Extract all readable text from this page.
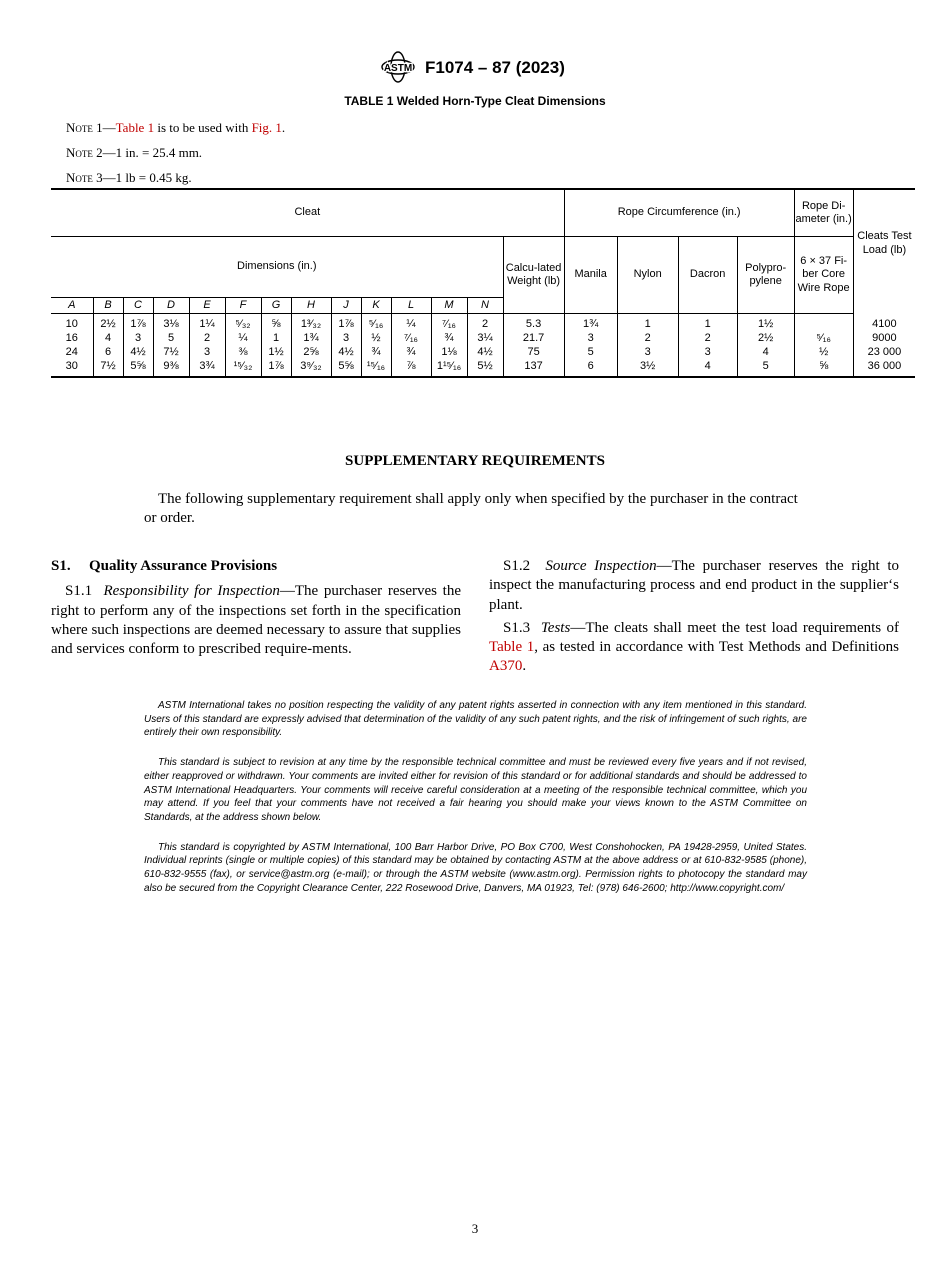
ASTM F1074 – 87 (2023)
TABLE 1 Welded Horn-Type Cleat Dimensions
Note 1—Table 1 is to be used with Fig. 1.
Note 2—1 in. = 25.4 mm.
Note 3—1 lb = 0.45 kg.
Cleat														Rope Circumference (in.)				Rope Di-ameter (in.)	Cleats Test Load (lb)
Dimensions (in.)													Calcu-lated Weight (lb)	Manila	Nylon	Dacron	Polypro-pylene	6 × 37 Fi-ber Core Wire Rope	
A	B	C	D	E	F	G	H	J	K	L	M	N							
10	2½	1⅞	3⅛	1¼	⁵⁄₃₂	⅝	1³⁄₃₂	1⅞	⁵⁄₁₆	¼	⁷⁄₁₆	2	5.3	1¾	1	1	1½		4100
16	4	3	5	2	¼	1	1¾	3	½	⁷⁄₁₆	¾	3¼	21.7	3	2	2	2½	⁵⁄₁₆	9000
24	6	4½	7½	3	⅜	1½	2⅝	4½	¾	¾	1⅛	4½	75	5	3	3	4	½	23 000
30	7½	5⅝	9⅜	3¾	¹⁵⁄₃₂	1⅞	3⁹⁄₃₂	5⅝	¹⁵⁄₁₆	⅞	1¹⁵⁄₁₆	5½	137	6	3½	4	5	⅝	36 000
SUPPLEMENTARY REQUIREMENTS
The following supplementary requirement shall apply only when specified by the purchaser in the contract or order.

S1. Quality Assurance Provisions

S1.1 Responsibility for Inspection—The purchaser reserves the right to perform any of the inspections set forth in the specification where such inspections are deemed necessary to assure that supplies and services conform to prescribed require-ments.

S1.2 Source Inspection—The purchaser reserves the right to inspect the manufacturing process and end product in the supplier‘s plant.

S1.3 Tests—The cleats shall meet the test load requirements of Table 1, as tested in accordance with Test Methods and Definitions A370.

ASTM International takes no position respecting the validity of any patent rights asserted in connection with any item mentioned in this standard. Users of this standard are expressly advised that determination of the validity of any such patent rights, and the risk of infringement of such rights, are entirely their own responsibility.

This standard is subject to revision at any time by the responsible technical committee and must be reviewed every five years and if not revised, either reapproved or withdrawn. Your comments are invited either for revision of this standard or for additional standards and should be addressed to ASTM International Headquarters. Your comments will receive careful consideration at a meeting of the responsible technical committee, which you may attend. If you feel that your comments have not received a fair hearing you should make your views known to the ASTM Committee on Standards, at the address shown below.

This standard is copyrighted by ASTM International, 100 Barr Harbor Drive, PO Box C700, West Conshohocken, PA 19428-2959, United States. Individual reprints (single or multiple copies) of this standard may be obtained by contacting ASTM at the above address or at 610-832-9585 (phone), 610-832-9555 (fax), or service@astm.org (e-mail); or through the ASTM website (www.astm.org). Permission rights to photocopy the standard may also be secured from the Copyright Clearance Center, 222 Rosewood Drive, Danvers, MA 01923, Tel: (978) 646-2600; http://www.copyright.com/

3
